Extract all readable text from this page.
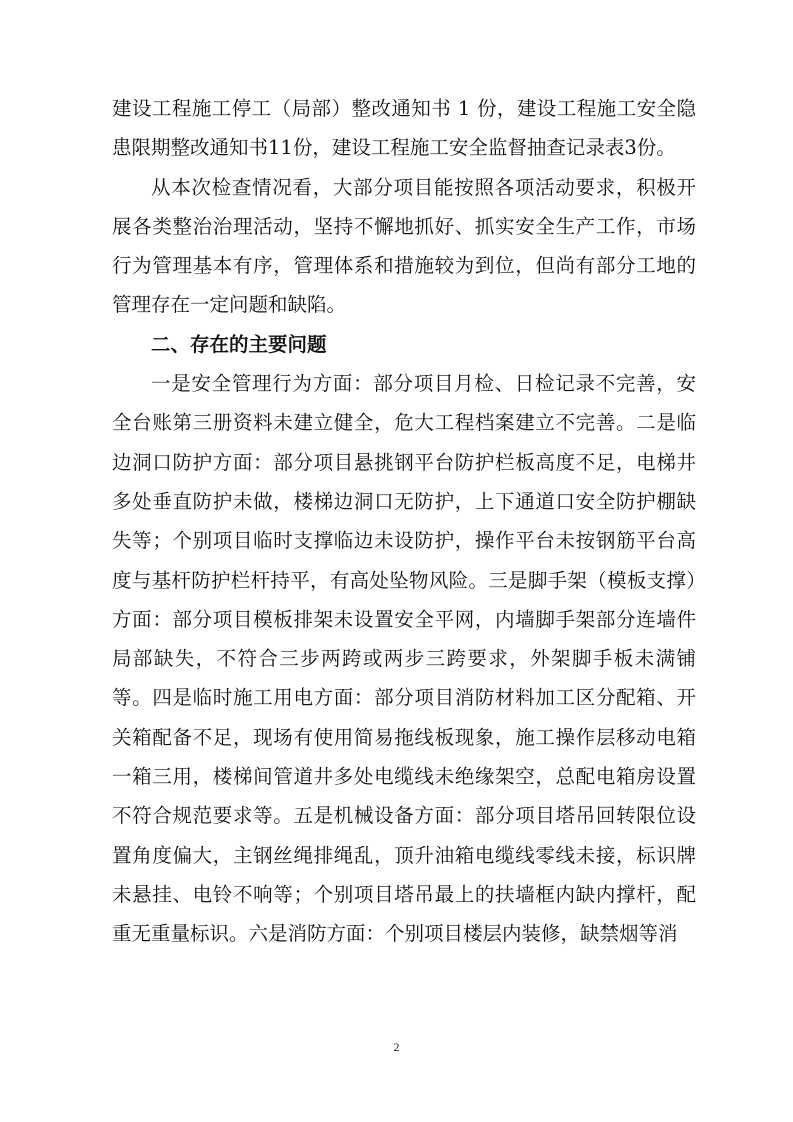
建设工程施工停工（局部）整改通知书 1 份，建设工程施工安全隐患限期整改通知书11份，建设工程施工安全监督抽查记录表3份。

从本次检查情况看，大部分项目能按照各项活动要求，积极开展各类整治治理活动，坚持不懈地抓好、抓实安全生产工作，市场行为管理基本有序，管理体系和措施较为到位，但尚有部分工地的管理存在一定问题和缺陷。

二、存在的主要问题

一是安全管理行为方面：部分项目月检、日检记录不完善，安全台账第三册资料未建立健全，危大工程档案建立不完善。二是临边洞口防护方面：部分项目悬挑钢平台防护栏板高度不足，电梯井多处垂直防护未做，楼梯边洞口无防护，上下通道口安全防护棚缺失等；个别项目临时支撑临边未设防护，操作平台未按钢筋平台高度与基杆防护栏杆持平，有高处坠物风险。三是脚手架（模板支撑）方面：部分项目模板排架未设置安全平网，内墙脚手架部分连墙件局部缺失，不符合三步两跨或两步三跨要求，外架脚手板未满铺等。四是临时施工用电方面：部分项目消防材料加工区分配箱、开关箱配备不足，现场有使用简易拖线板现象，施工操作层移动电箱一箱三用，楼梯间管道井多处电缆线未绝缘架空，总配电箱房设置不符合规范要求等。五是机械设备方面：部分项目塔吊回转限位设置角度偏大，主钢丝绳排绳乱，顶升油箱电缆线零线未接，标识牌未悬挂、电铃不响等；个别项目塔吊最上的扶墙框内缺内撑杆，配重无重量标识。六是消防方面：个别项目楼层内装修，缺禁烟等消

2
